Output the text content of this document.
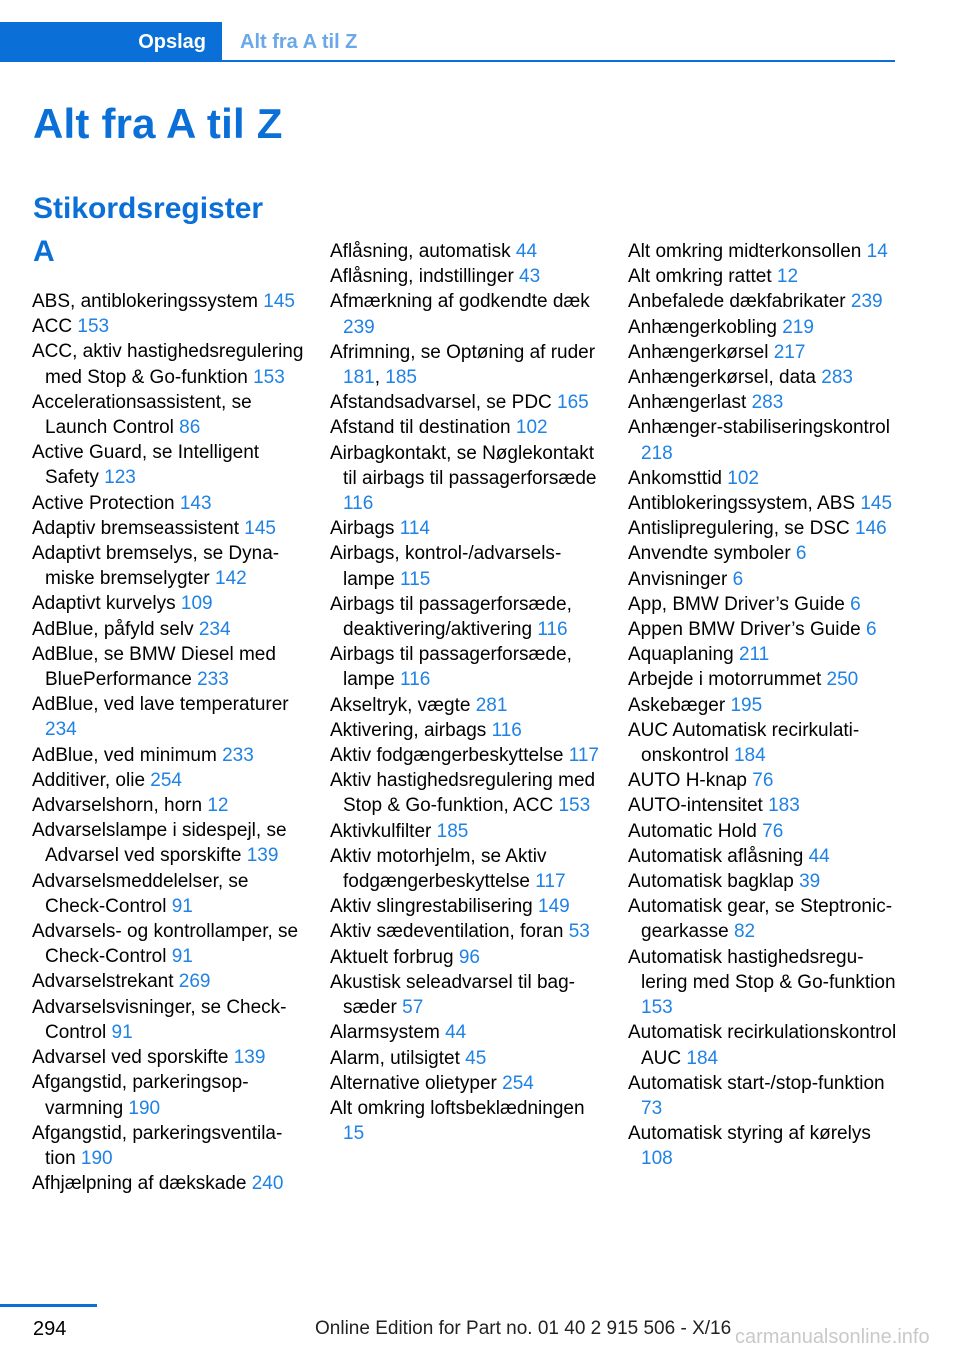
Opslag Alt fra A til Z
Alt fra A til Z
Stikordsregister
A
ABS, antiblokeringssystem 145
ACC 153
ACC, aktiv hastighedsregulering med Stop & Go-funktion 153
Accelerationsassistent, se Launch Control 86
Active Guard, se Intelligent Safety 123
Active Protection 143
Adaptiv bremseassistent 145
Adaptivt bremselys, se Dynamiske bremselygter 142
Adaptivt kurvelys 109
AdBlue, påfyld selv 234
AdBlue, se BMW Diesel med BluePerformance 233
AdBlue, ved lave temperaturer 234
AdBlue, ved minimum 233
Additiver, olie 254
Advarselshorn, horn 12
Advarselslampe i sidespejl, se Advarsel ved sporskifte 139
Advarselsmeddelelser, se Check-Control 91
Advarsels- og kontrollamper, se Check-Control 91
Advarselstrekant 269
Advarselsvisninger, se Check-Control 91
Advarsel ved sporskifte 139
Afgangstid, parkeringsopvarmning 190
Afgangstid, parkeringsventilation 190
Afhjælpning af dækskade 240
Aflåsning, automatisk 44
Aflåsning, indstillinger 43
Afmærkning af godkendte dæk 239
Afrimning, se Optøning af ruder 181, 185
Afstandsadvarsel, se PDC 165
Afstand til destination 102
Airbagkontakt, se Nøglekontakt til airbags til passagerforsæde 116
Airbags 114
Airbags, kontrol-/advarselslampe 115
Airbags til passagerforsæde, deaktivering/aktivering 116
Airbags til passagerforsæde, lampe 116
Akseltryk, vægte 281
Aktivering, airbags 116
Aktiv fodgængerbeskyttelse 117
Aktiv hastighedsregulering med Stop & Go-funktion, ACC 153
Aktivkulfilter 185
Aktiv motorhjelm, se Aktiv fodgængerbeskyttelse 117
Aktiv slingrestabilisering 149
Aktiv sædeventilation, foran 53
Aktuelt forbrug 96
Akustisk seleadvarsel til bagsæder 57
Alarmsystem 44
Alarm, utilsigtet 45
Alternative olietyper 254
Alt omkring loftsbeklædningen 15
Alt omkring midterkonsollen 14
Alt omkring rattet 12
Anbefalede dækfabrikater 239
Anhængerkobling 219
Anhængerkørsel 217
Anhængerkørsel, data 283
Anhængerlast 283
Anhænger-stabiliseringskontrol 218
Ankomsttid 102
Antiblokeringssystem, ABS 145
Antislipregulering, se DSC 146
Anvendte symboler 6
Anvisninger 6
App, BMW Driver’s Guide 6
Appen BMW Driver’s Guide 6
Aquaplaning 211
Arbejde i motorrummet 250
Askebæger 195
AUC Automatisk recirkulationskontrol 184
AUTO H-knap 76
AUTO-intensitet 183
Automatic Hold 76
Automatisk aflåsning 44
Automatisk bagklap 39
Automatisk gear, se Steptronic-gearkasse 82
Automatisk hastighedsregulering med Stop & Go-funktion 153
Automatisk recirkulationskontrol AUC 184
Automatisk start-/stop-funktion 73
Automatisk styring af kørelys 108
294	Online Edition for Part no. 01 40 2 915 506 - X/16 carmanualsonline.info
